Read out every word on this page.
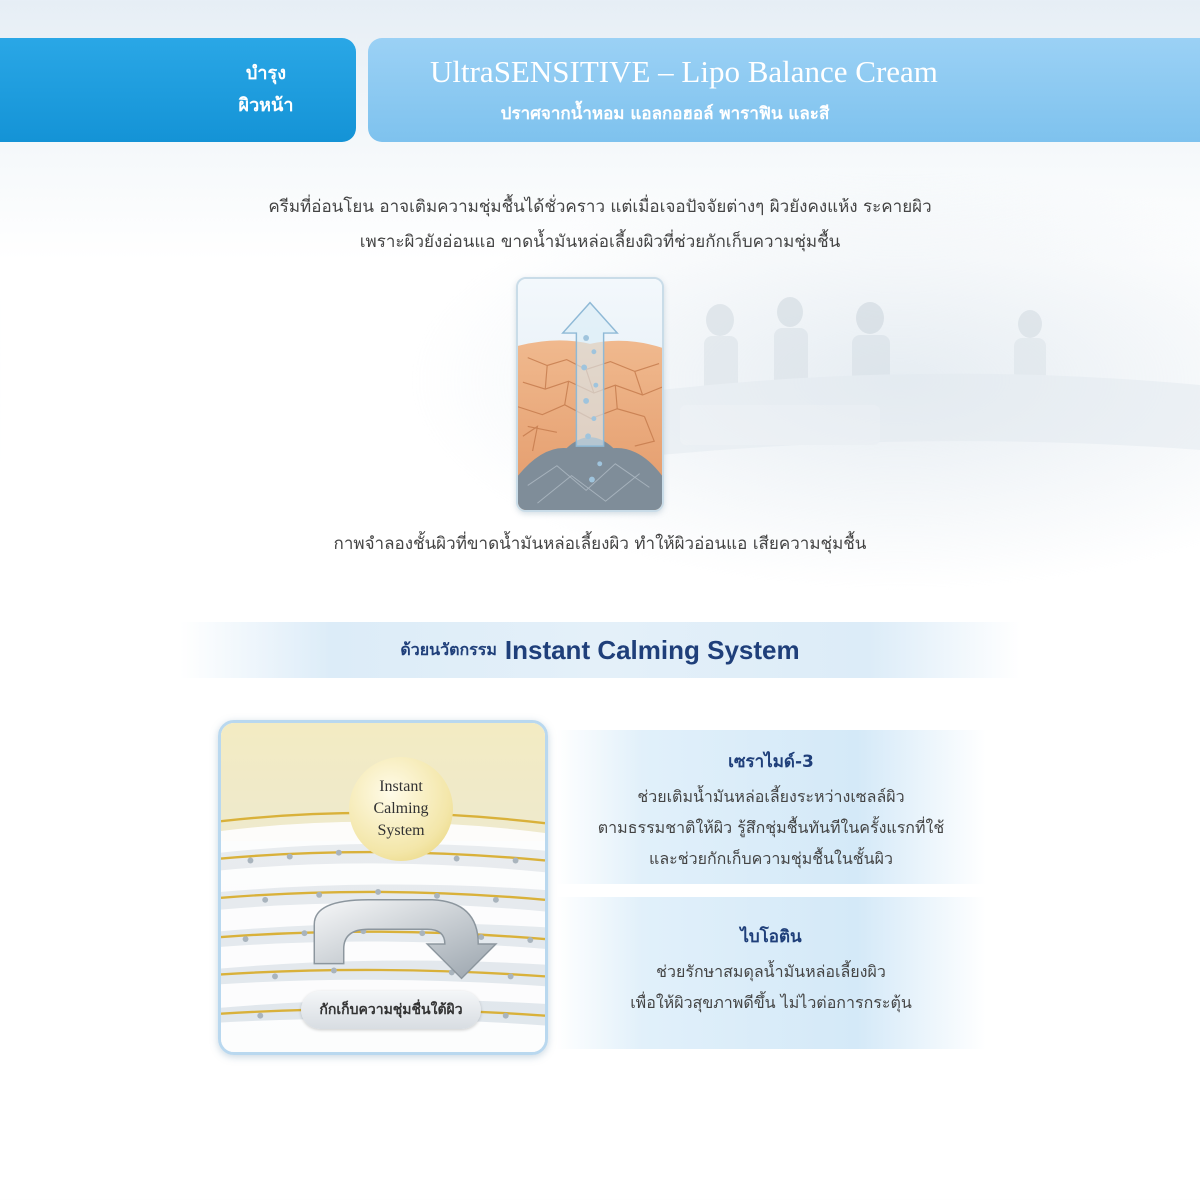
บำรุง
ผิวหน้า
UltraSENSITIVE – Lipo Balance Cream
ปราศจากน้ำหอม แอลกอฮอล์ พาราฟิน และสี
ครีมที่อ่อนโยน อาจเติมความชุ่มชื้นได้ชั่วคราว แต่เมื่อเจอปัจจัยต่างๆ ผิวยังคงแห้ง ระคายผิว
เพราะผิวยังอ่อนแอ ขาดน้ำมันหล่อเลี้ยงผิวที่ช่วยกักเก็บความชุ่มชื้น
กาพจำลองชั้นผิวที่ขาดน้ำมันหล่อเลี้ยงผิว ทำให้ผิวอ่อนแอ เสียความชุ่มชื้น
ด้วยนวัตกรรม Instant Calming System
Instant
Calming
System
กักเก็บความชุ่มชื่นใต้ผิว
เซราไมด์-3

ช่วยเติมน้ำมันหล่อเลี้ยงระหว่างเซลล์ผิว

ตามธรรมชาติให้ผิว รู้สึกชุ่มชื้นทันทีในครั้งแรกที่ใช้

และช่วยกักเก็บความชุ่มชื้นในชั้นผิว

ไบโอติน

ช่วยรักษาสมดุลน้ำมันหล่อเลี้ยงผิว

เพื่อให้ผิวสุขภาพดีขึ้น ไม่ไวต่อการกระตุ้น
